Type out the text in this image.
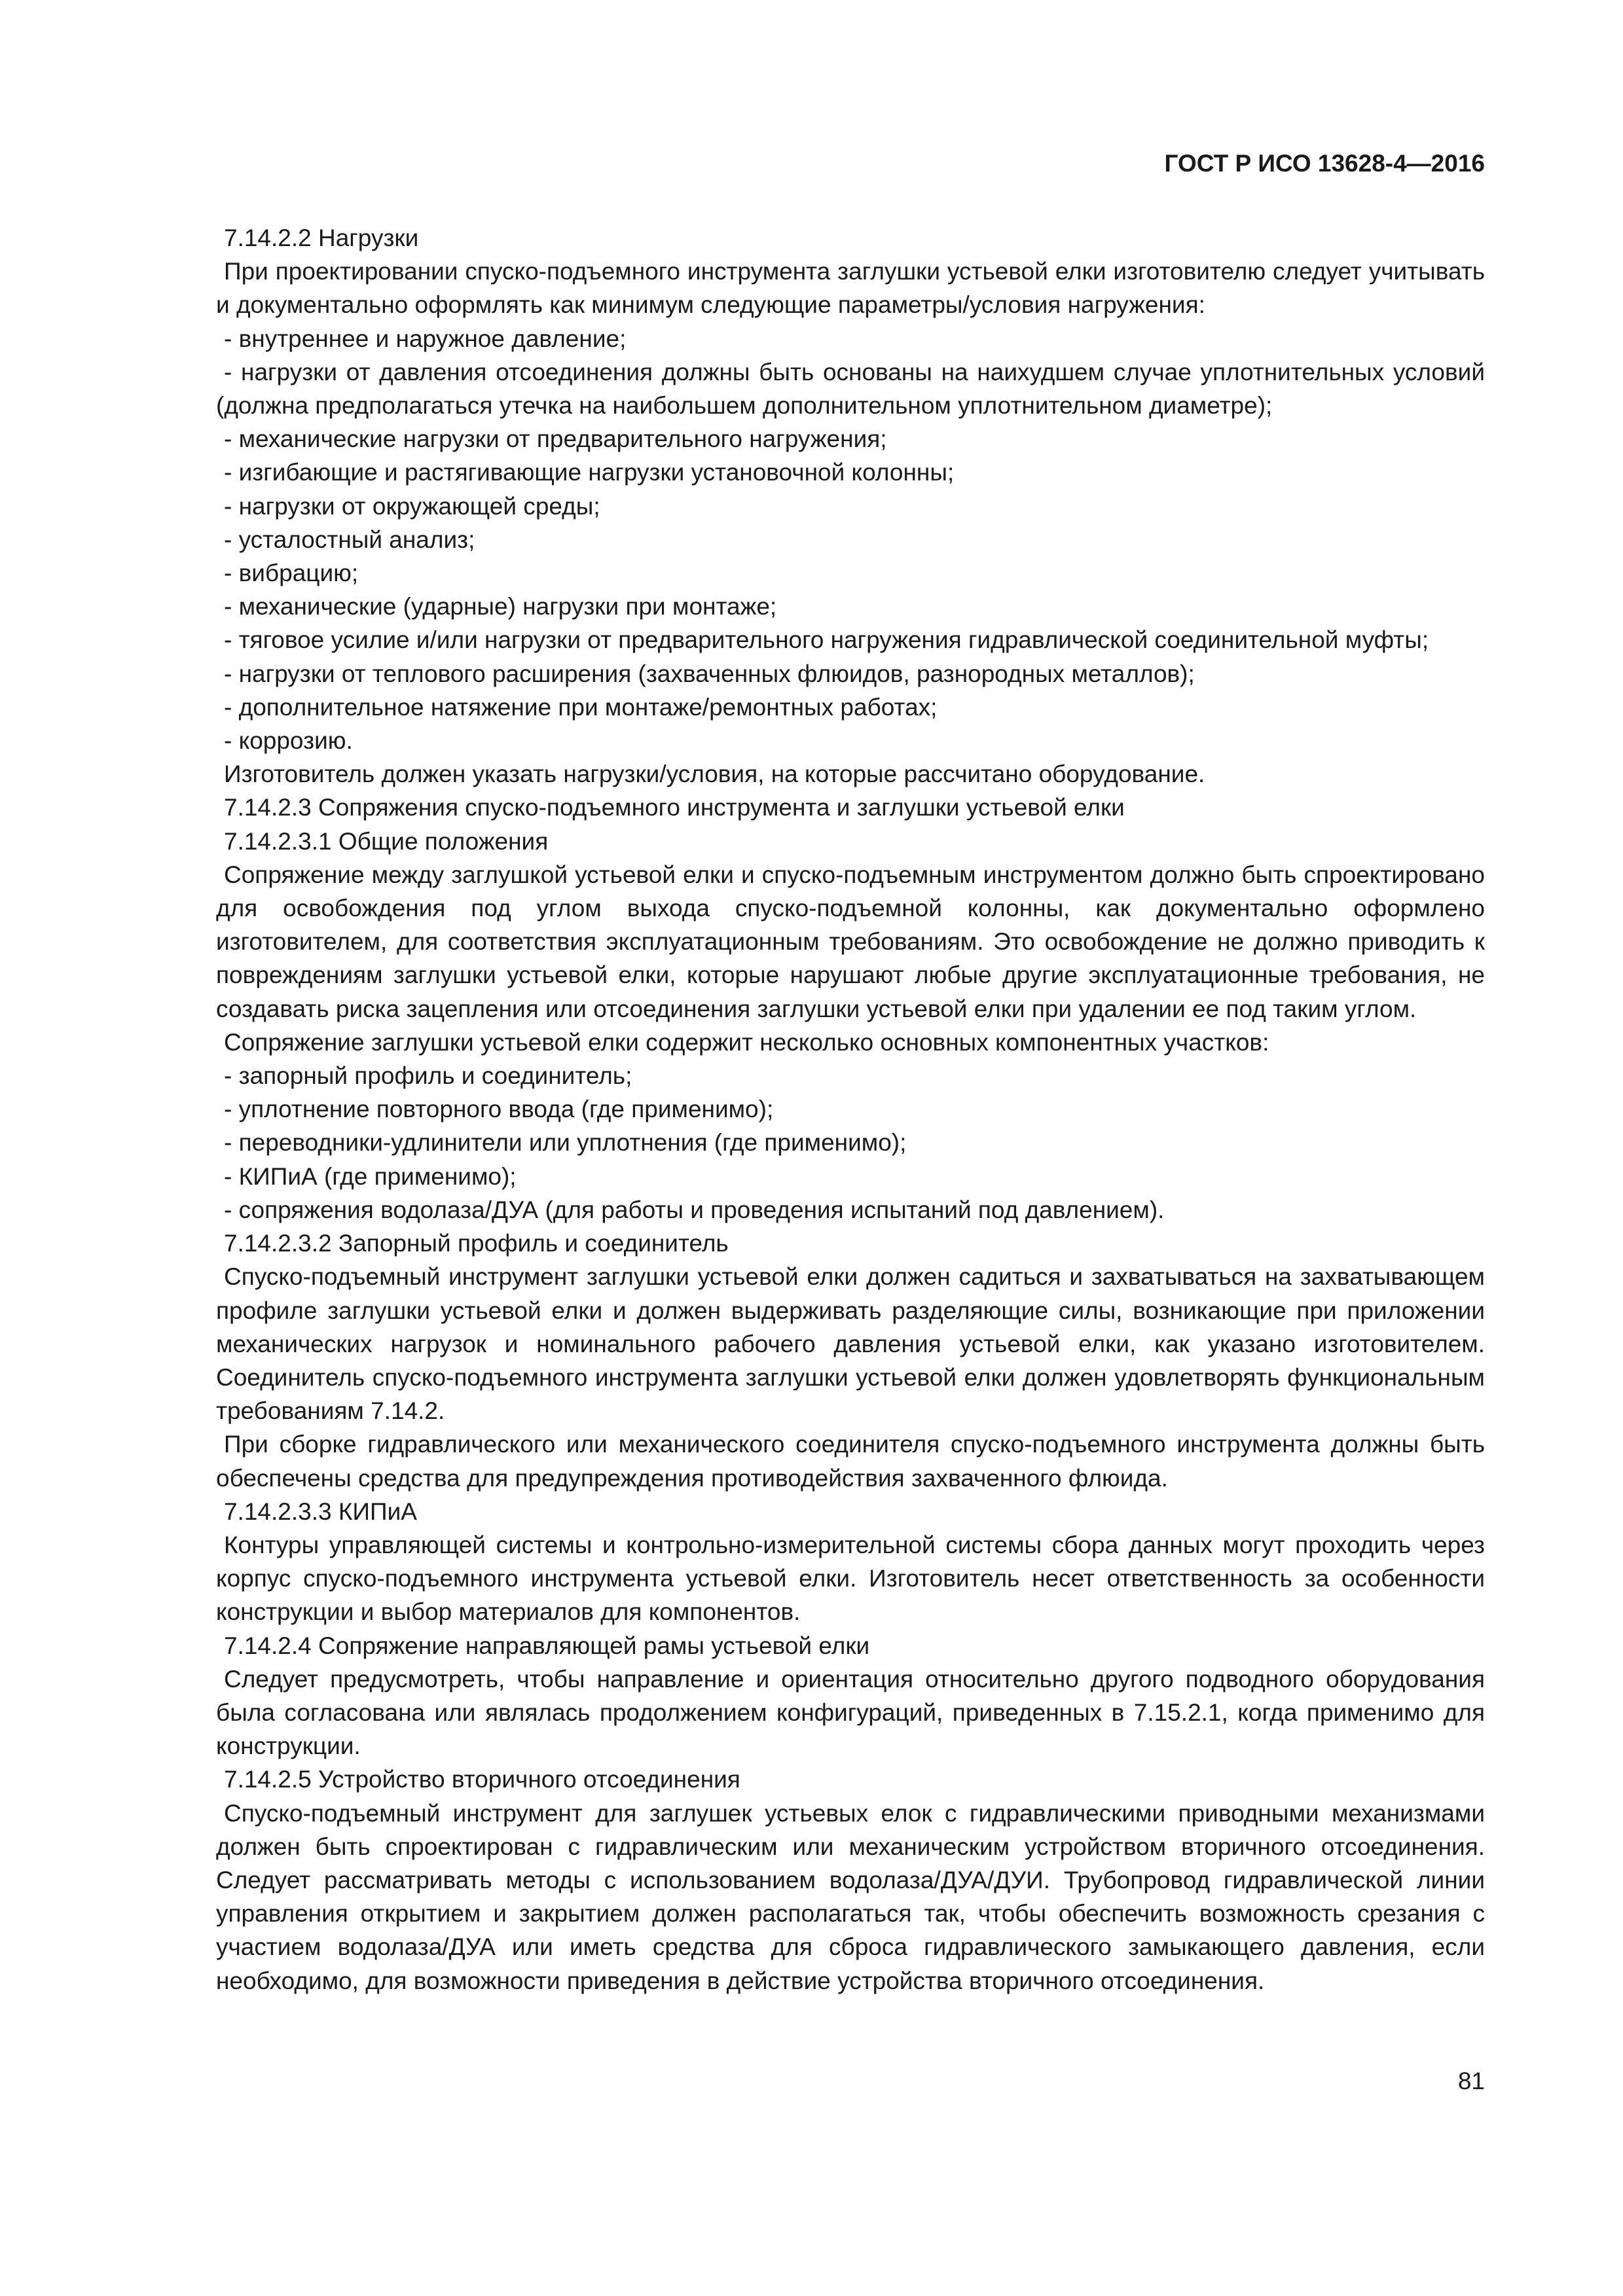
ГОСТ Р ИСО 13628-4—2016

7.14.2.2 Нагрузки

При проектировании спуско-подъемного инструмента заглушки устьевой елки изготовителю следует учитывать и документально оформлять как минимум следующие параметры/условия нагружения:

- внутреннее и наружное давление;

- нагрузки от давления отсоединения должны быть основаны на наихудшем случае уплотнительных условий (должна предполагаться утечка на наибольшем дополнительном уплотнительном диаметре);

- механические нагрузки от предварительного нагружения;

- изгибающие и растягивающие нагрузки установочной колонны;

- нагрузки от окружающей среды;

- усталостный анализ;

- вибрацию;

- механические (ударные) нагрузки при монтаже;

- тяговое усилие и/или нагрузки от предварительного нагружения гидравлической соединительной муфты;

- нагрузки от теплового расширения (захваченных флюидов, разнородных металлов);

- дополнительное натяжение при монтаже/ремонтных работах;

- коррозию.

Изготовитель должен указать нагрузки/условия, на которые рассчитано оборудование.

7.14.2.3 Сопряжения спуско-подъемного инструмента и заглушки устьевой елки

7.14.2.3.1 Общие положения

Сопряжение между заглушкой устьевой елки и спуско-подъемным инструментом должно быть спроектировано для освобождения под углом выхода спуско-подъемной колонны, как документально оформлено изготовителем, для соответствия эксплуатационным требованиям. Это освобождение не должно приводить к повреждениям заглушки устьевой елки, которые нарушают любые другие эксплуатационные требования, не создавать риска зацепления или отсоединения заглушки устьевой елки при удалении ее под таким углом.

Сопряжение заглушки устьевой елки содержит несколько основных компонентных участков:

- запорный профиль и соединитель;

- уплотнение повторного ввода (где применимо);

- переводники-удлинители или уплотнения (где применимо);

- КИПиА (где применимо);

- сопряжения водолаза/ДУА (для работы и проведения испытаний под давлением).

7.14.2.3.2 Запорный профиль и соединитель

Спуско-подъемный инструмент заглушки устьевой елки должен садиться и захватываться на захватывающем профиле заглушки устьевой елки и должен выдерживать разделяющие силы, возникающие при приложении механических нагрузок и номинального рабочего давления устьевой елки, как указано изготовителем. Соединитель спуско-подъемного инструмента заглушки устьевой елки должен удовлетворять функциональным требованиям 7.14.2.

При сборке гидравлического или механического соединителя спуско-подъемного инструмента должны быть обеспечены средства для предупреждения противодействия захваченного флюида.

7.14.2.3.3 КИПиА

Контуры управляющей системы и контрольно-измерительной системы сбора данных могут проходить через корпус спуско-подъемного инструмента устьевой елки. Изготовитель несет ответственность за особенности конструкции и выбор материалов для компонентов.

7.14.2.4 Сопряжение направляющей рамы устьевой елки

Следует предусмотреть, чтобы направление и ориентация относительно другого подводного оборудования была согласована или являлась продолжением конфигураций, приведенных в 7.15.2.1, когда применимо для конструкции.

7.14.2.5 Устройство вторичного отсоединения

Спуско-подъемный инструмент для заглушек устьевых елок с гидравлическими приводными механизмами должен быть спроектирован с гидравлическим или механическим устройством вторичного отсоединения. Следует рассматривать методы с использованием водолаза/ДУА/ДУИ. Трубопровод гидравлической линии управления открытием и закрытием должен располагаться так, чтобы обеспечить возможность срезания с участием водолаза/ДУА или иметь средства для сброса гидравлического замыкающего давления, если необходимо, для возможности приведения в действие устройства вторичного отсоединения.

81
